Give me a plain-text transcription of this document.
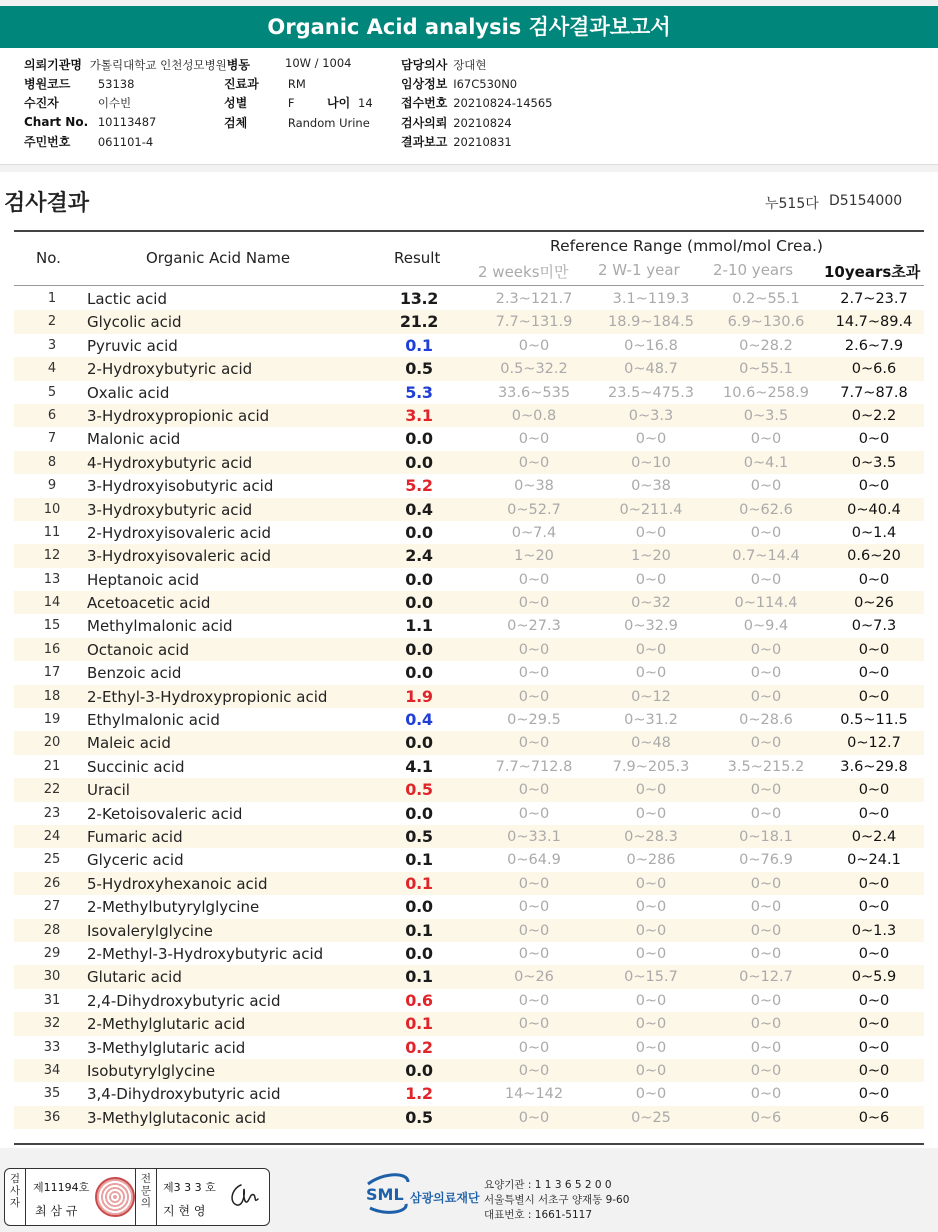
Organic Acid analysis 검사결과보고서
의뢰기관명 가톨릭대학교 인천성모병원병동	10W / 1004	담당의사 장대현
병원코드 53138	진료과	RM	임상정보 I67C530N0
수진자	이수빈	성별	F	나이 14 접수번호 20210824-14565
Chart No. 10113487	검체	Random Urine	검사의뢰 20210824
주민번호 061101-4	결과보고 20210831
검사결과	누515다 D5154000
No.	Organic Acid Name	Result
Reference Range (mmol/mol Crea.)
2 weeks미만 2 W-1 year 2-10 years 10years초과
1	Lactic acid	13.2	2.3~121.7	3.1~119.3	0.2~55.1	2.7~23.7
2	Glycolic acid	21.2	7.7~131.9	18.9~184.5	6.9~130.6	14.7~89.4
3	Pyruvic acid	0.1	0~0	0~16.8	0~28.2	2.6~7.9
4	2-Hydroxybutyric acid	0.5	0.5~32.2	0~48.7	0~55.1	0~6.6
5	Oxalic acid	5.3	33.6~535	23.5~475.3	10.6~258.9	7.7~87.8
6	3-Hydroxypropionic acid	3.1	0~0.8	0~3.3	0~3.5	0~2.2
7	Malonic acid	0.0	0~0	0~0	0~0	0~0
8	4-Hydroxybutyric acid	0.0	0~0	0~10	0~4.1	0~3.5
9	3-Hydroxyisobutyric acid	5.2	0~38	0~38	0~0	0~0
10	3-Hydroxybutyric acid	0.4	0~52.7	0~211.4	0~62.6	0~40.4
11	2-Hydroxyisovaleric acid	0.0	0~7.4	0~0	0~0	0~1.4
12	3-Hydroxyisovaleric acid	2.4	1~20	1~20	0.7~14.4	0.6~20
13	Heptanoic acid	0.0	0~0	0~0	0~0	0~0
14	Acetoacetic acid	0.0	0~0	0~32	0~114.4	0~26
15	Methylmalonic acid	1.1	0~27.3	0~32.9	0~9.4	0~7.3
16	Octanoic acid	0.0	0~0	0~0	0~0	0~0
17	Benzoic acid	0.0	0~0	0~0	0~0	0~0
18	2-Ethyl-3-Hydroxypropionic acid	1.9	0~0	0~12	0~0	0~0
19	Ethylmalonic acid	0.4	0~29.5	0~31.2	0~28.6	0.5~11.5
20	Maleic acid	0.0	0~0	0~48	0~0	0~12.7
21	Succinic acid	4.1	7.7~712.8	7.9~205.3	3.5~215.2	3.6~29.8
22	Uracil	0.5	0~0	0~0	0~0	0~0
23	2-Ketoisovaleric acid	0.0	0~0	0~0	0~0	0~0
24	Fumaric acid	0.5	0~33.1	0~28.3	0~18.1	0~2.4
25	Glyceric acid	0.1	0~64.9	0~286	0~76.9	0~24.1
26	5-Hydroxyhexanoic acid	0.1	0~0	0~0	0~0	0~0
27	2-Methylbutyrylglycine	0.0	0~0	0~0	0~0	0~0
28	Isovalerylglycine	0.1	0~0	0~0	0~0	0~1.3
29	2-Methyl-3-Hydroxybutyric acid	0.0	0~0	0~0	0~0	0~0
30	Glutaric acid	0.1	0~26	0~15.7	0~12.7	0~5.9
31	2,4-Dihydroxybutyric acid	0.6	0~0	0~0	0~0	0~0
32	2-Methylglutaric acid	0.1	0~0	0~0	0~0	0~0
33	3-Methylglutaric acid	0.2	0~0	0~0	0~0	0~0
34	Isobutyrylglycine	0.0	0~0	0~0	0~0	0~0
35	3,4-Dihydroxybutyric acid	1.2	14~142	0~0	0~0	0~0
36	3-Methylglutaconic acid	0.5	0~0	0~25	0~6	0~6
검
사
자
제11194호
최 삼 규
전
문
의
제3 3 3 호
지 현 영
SML 삼광의료재단
요양기관 : 1 1 3 6 5 2 0 0
서울특별시 서초구 양재동 9-60
대표번호 : 1661-5117
